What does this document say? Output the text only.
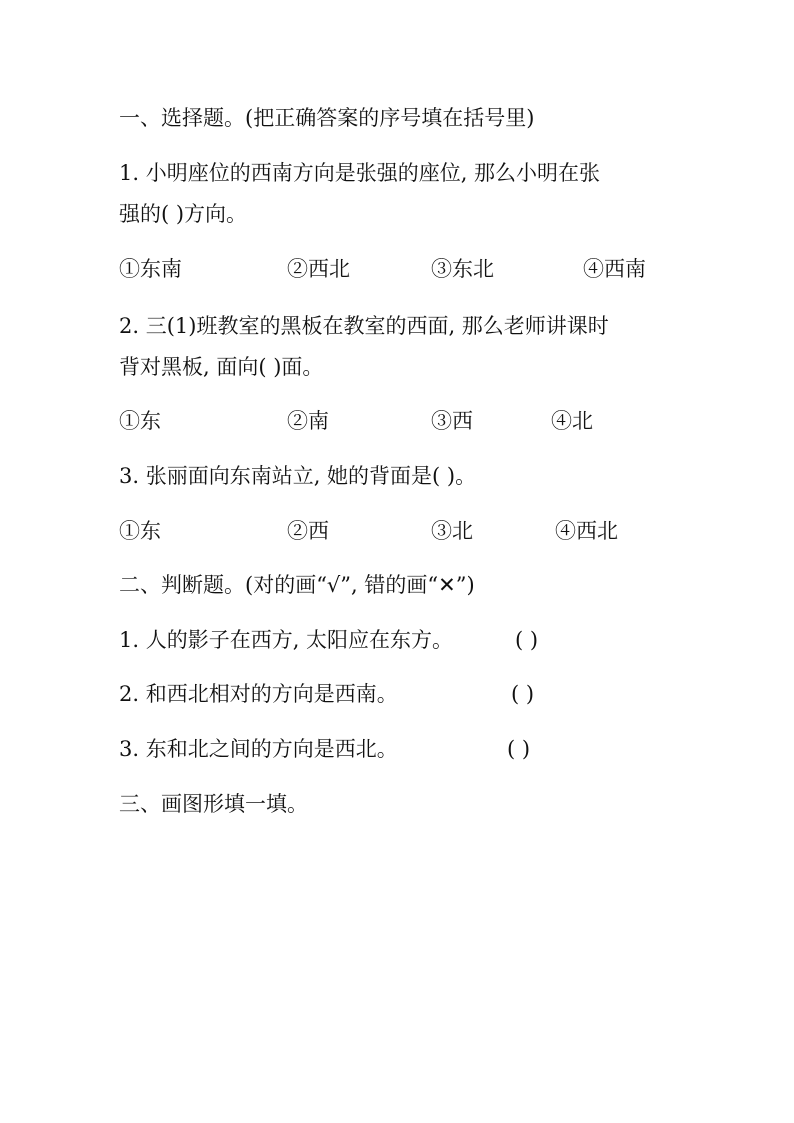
一、选择题。(把正确答案的序号填在括号里)
1. 小明座位的西南方向是张强的座位, 那么小明在张
强的( )方向。
①东南	②西北	③东北	④西南
2. 三(1)班教室的黑板在教室的西面, 那么老师讲课时
背对黑板, 面向( )面。
①东	②南	③西	④北
3. 张丽面向东南站立, 她的背面是( )。
①东	②西	③北	④西北
二、判断题。(对的画“√”, 错的画“✕”)
1. 人的影子在西方, 太阳应在东方。	( )
2. 和西北相对的方向是西南。	( )
3. 东和北之间的方向是西北。	( )
三、画图形填一填。
